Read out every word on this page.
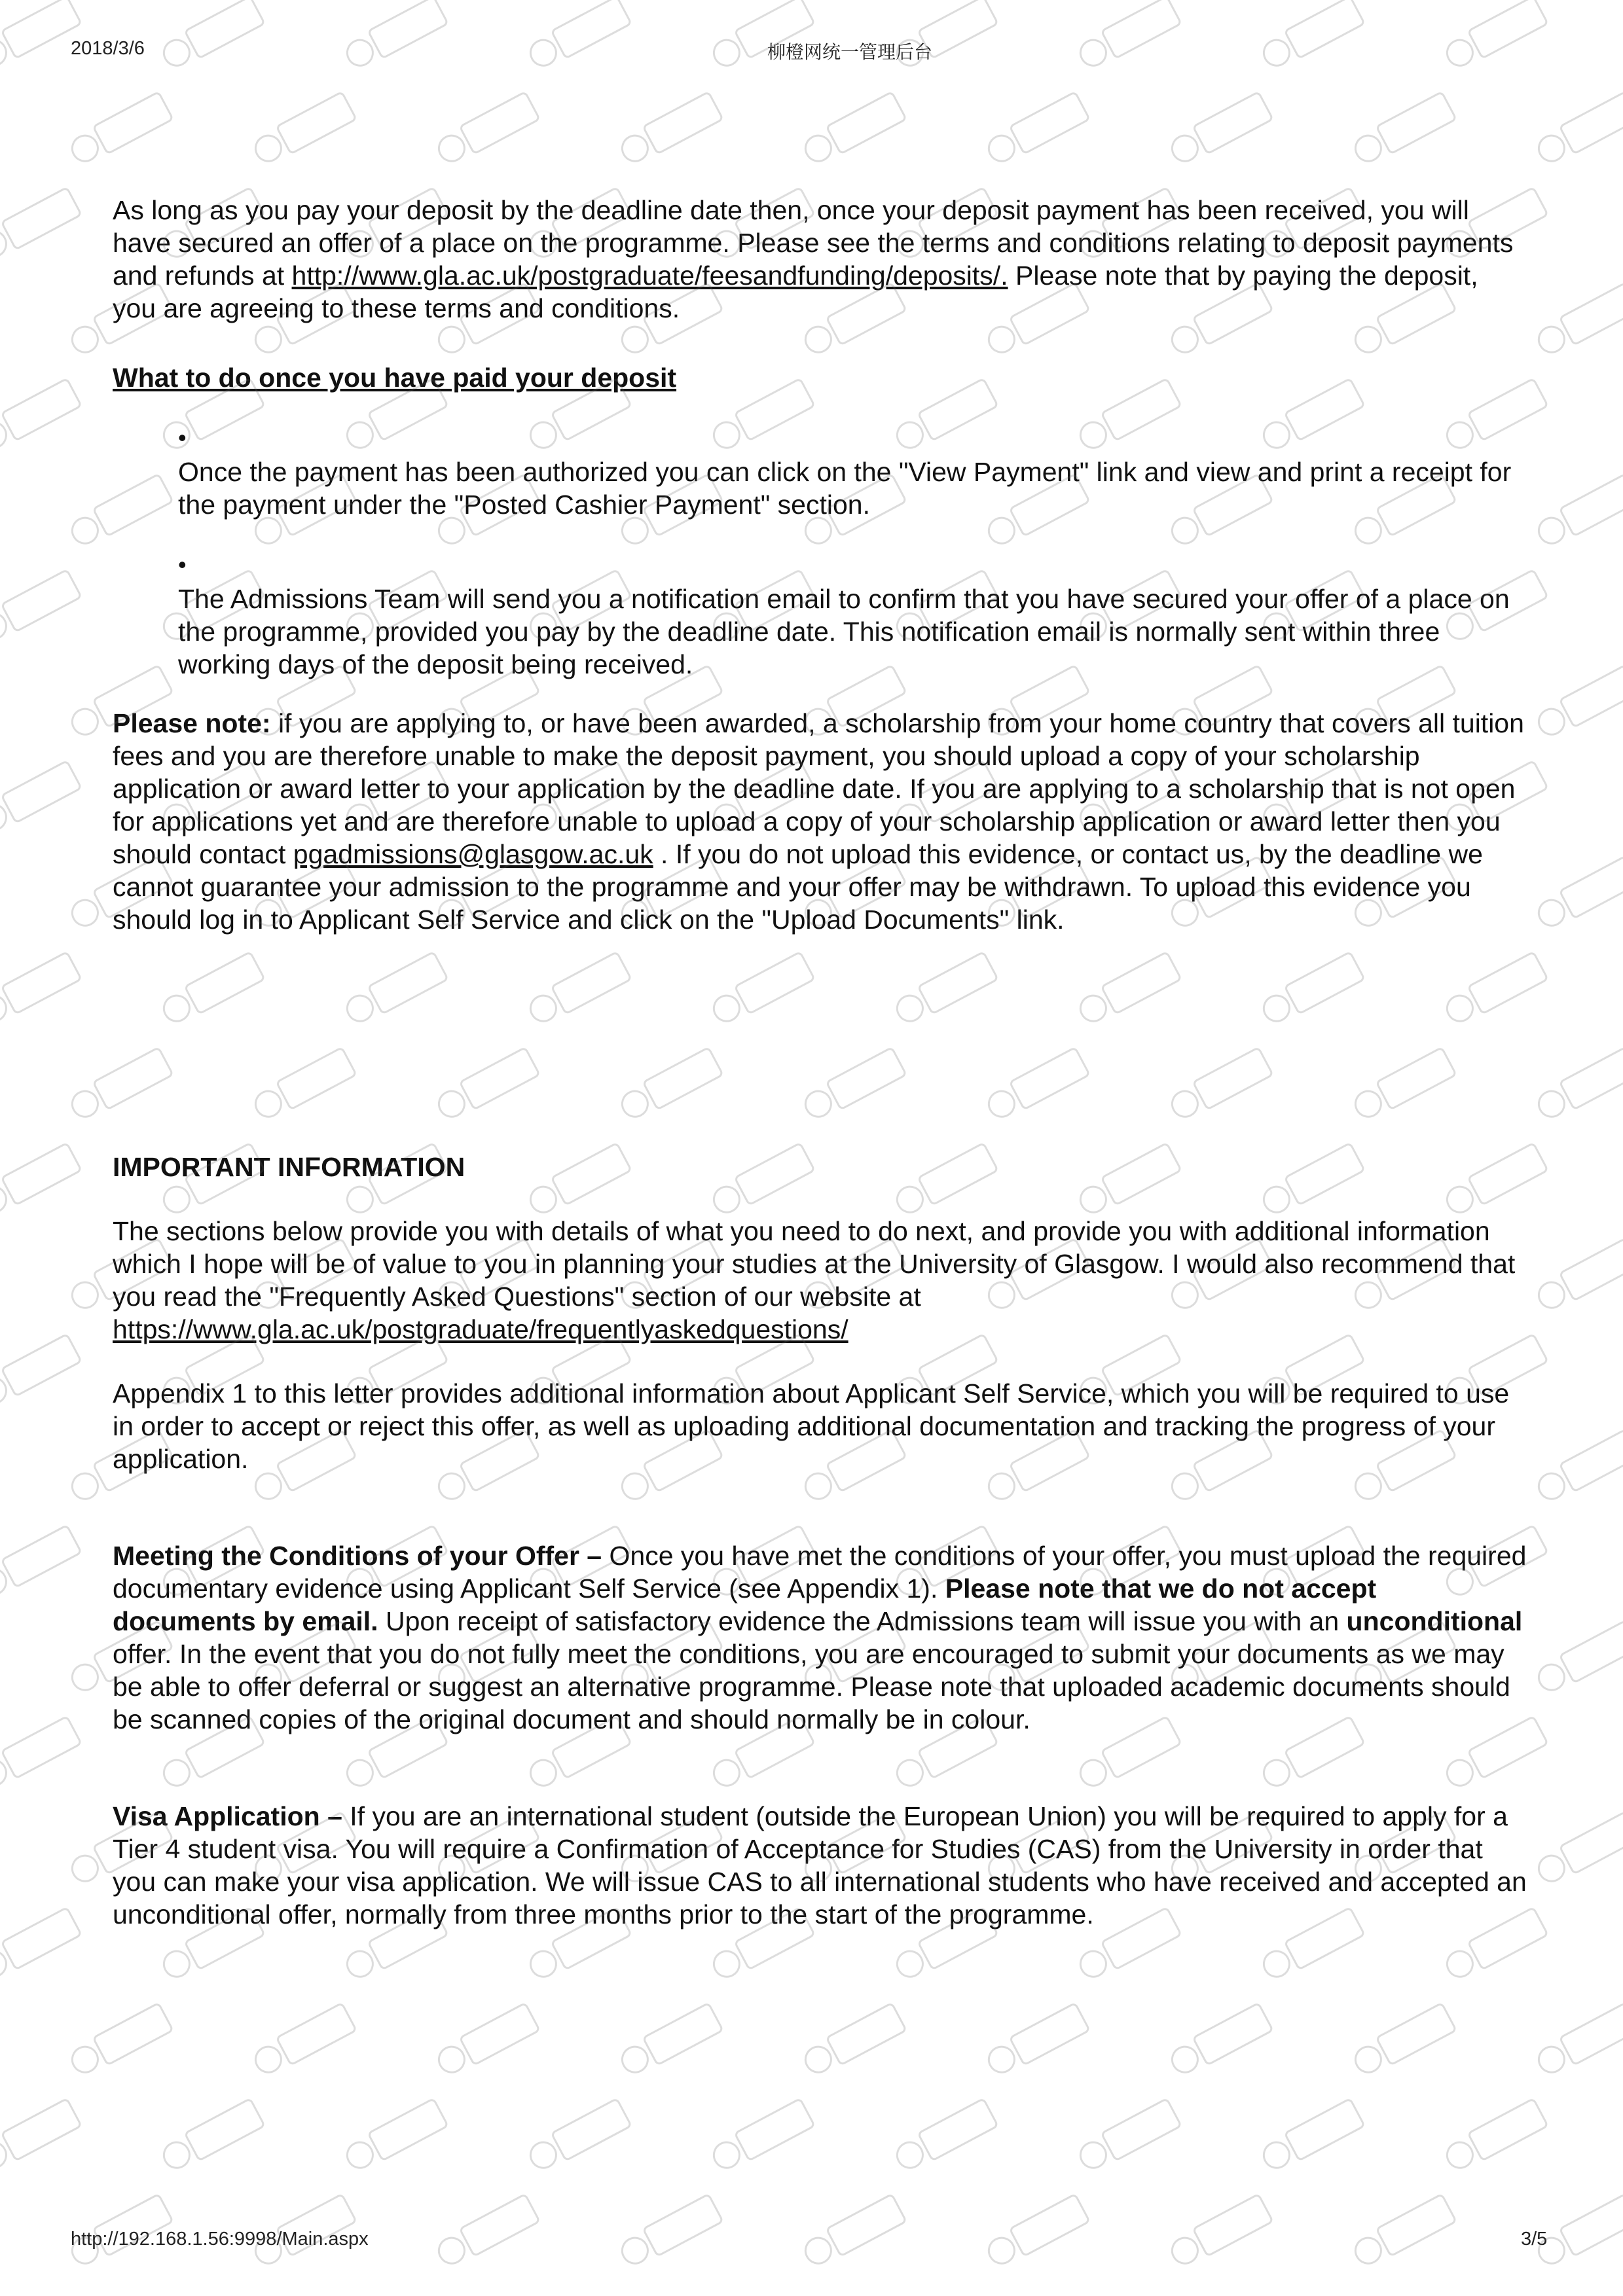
2018/3/6	柳橙网统一管理后台

As long as you pay your deposit by the deadline date then, once your deposit payment has been received, you will have secured an offer of a place on the programme. Please see the terms and conditions relating to deposit payments and refunds at http://www.gla.ac.uk/postgraduate/feesandfunding/deposits/. Please note that by paying the deposit, you are agreeing to these terms and conditions.

What to do once you have paid your deposit

•
Once the payment has been authorized you can click on the "View Payment" link and view and print a receipt for the payment under the "Posted Cashier Payment" section.
•
The Admissions Team will send you a notification email to confirm that you have secured your offer of a place on the programme, provided you pay by the deadline date. This notification email is normally sent within three working days of the deposit being received.

Please note: if you are applying to, or have been awarded, a scholarship from your home country that covers all tuition fees and you are therefore unable to make the deposit payment, you should upload a copy of your scholarship application or award letter to your application by the deadline date. If you are applying to a scholarship that is not open for applications yet and are therefore unable to upload a copy of your scholarship application or award letter then you should contact pgadmissions@glasgow.ac.uk . If you do not upload this evidence, or contact us, by the deadline we cannot guarantee your admission to the programme and your offer may be withdrawn. To upload this evidence you should log in to Applicant Self Service and click on the "Upload Documents" link.

IMPORTANT INFORMATION

The sections below provide you with details of what you need to do next, and provide you with additional information which I hope will be of value to you in planning your studies at the University of Glasgow. I would also recommend that you read the "Frequently Asked Questions" section of our website at https://www.gla.ac.uk/postgraduate/frequentlyaskedquestions/

Appendix 1 to this letter provides additional information about Applicant Self Service, which you will be required to use in order to accept or reject this offer, as well as uploading additional documentation and tracking the progress of your application.

Meeting the Conditions of your Offer – Once you have met the conditions of your offer, you must upload the required documentary evidence using Applicant Self Service (see Appendix 1). Please note that we do not accept documents by email. Upon receipt of satisfactory evidence the Admissions team will issue you with an unconditional offer. In the event that you do not fully meet the conditions, you are encouraged to submit your documents as we may be able to offer deferral or suggest an alternative programme. Please note that uploaded academic documents should be scanned copies of the original document and should normally be in colour.

Visa Application – If you are an international student (outside the European Union) you will be required to apply for a Tier 4 student visa. You will require a Confirmation of Acceptance for Studies (CAS) from the University in order that you can make your visa application. We will issue CAS to all international students who have received and accepted an unconditional offer, normally from three months prior to the start of the programme.

http://192.168.1.56:9998/Main.aspx	3/5
